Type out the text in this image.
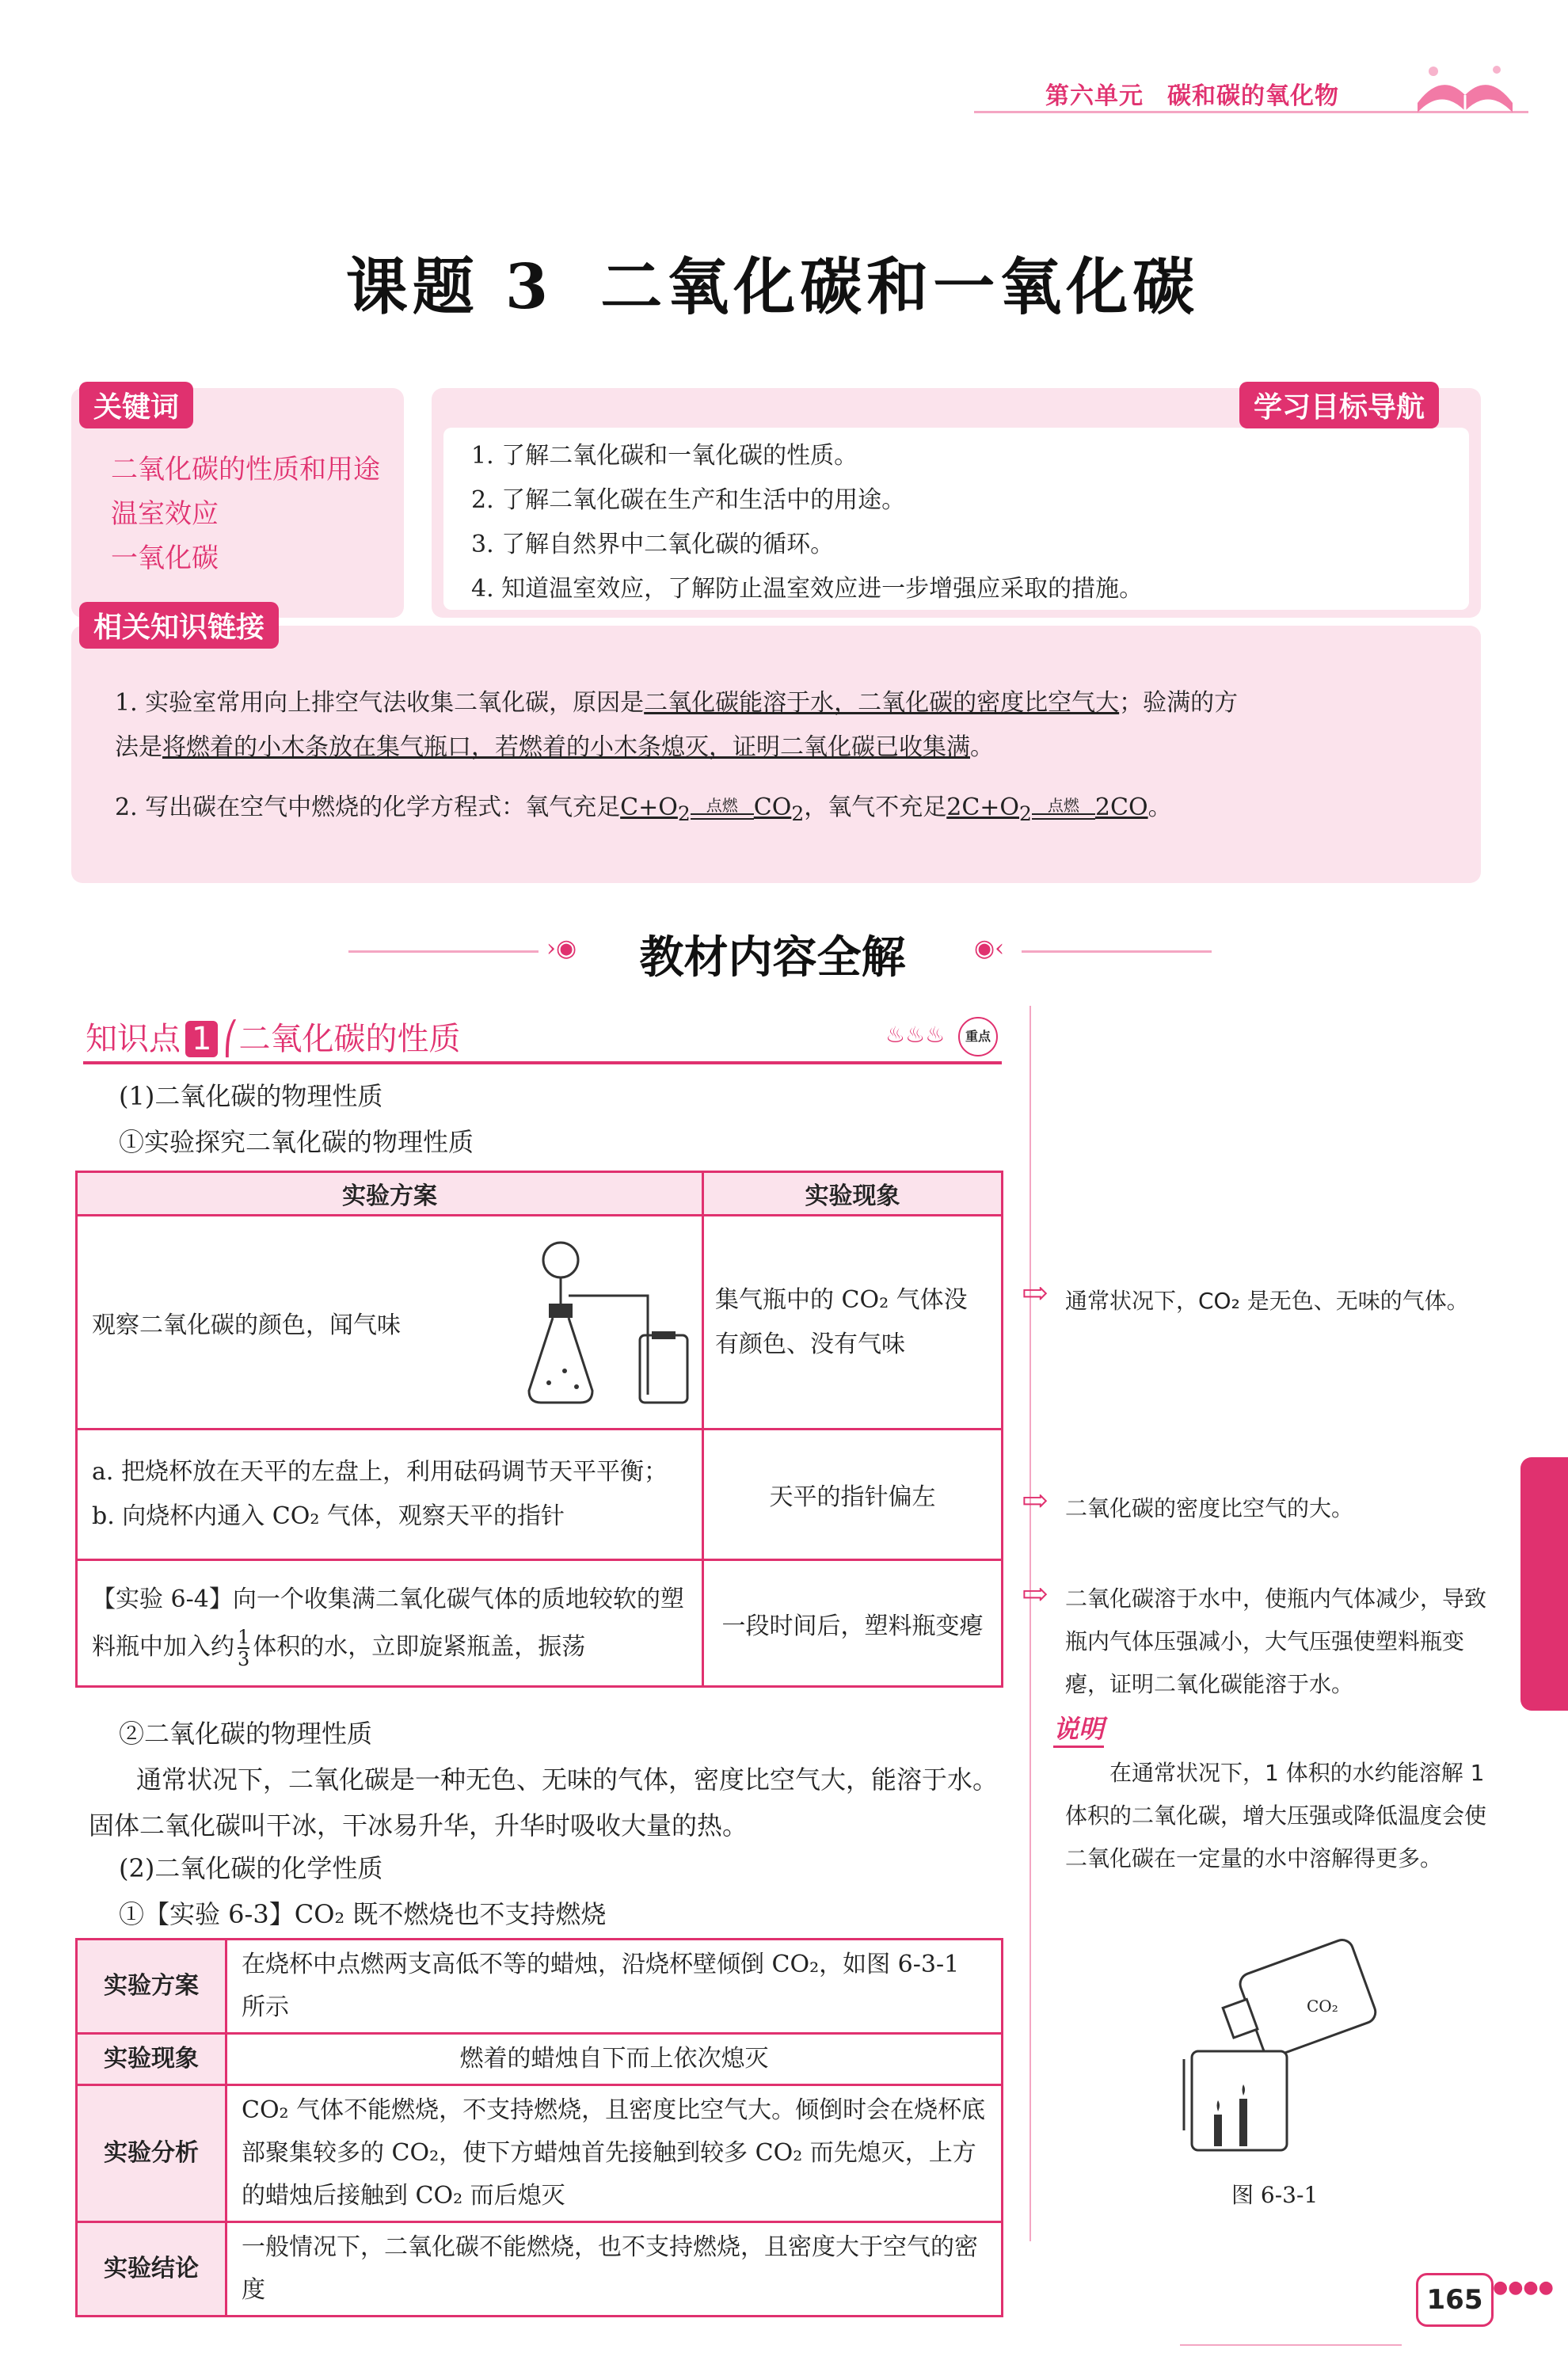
第六单元 碳和碳的氧化物
课题 3 二氧化碳和一氧化碳
关键词
二氧化碳的性质和用途
温室效应
一氧化碳
学习目标导航
1. 了解二氧化碳和一氧化碳的性质。
2. 了解二氧化碳在生产和生活中的用途。
3. 了解自然界中二氧化碳的循环。
4. 知道温室效应，了解防止温室效应进一步增强应采取的措施。
相关知识链接
1. 实验室常用向上排空气法收集二氧化碳，原因是二氧化碳能溶于水，二氧化碳的密度比空气大；验满的方
法是将燃着的小木条放在集气瓶口，若燃着的小木条熄灭，证明二氧化碳已收集满。
2. 写出碳在空气中燃烧的化学方程式：氧气充足$C+O_2$	点燃 $CO_2$，氧气不充足$2C+O_2$	点燃 2CO。
›◉	◉‹
教材内容全解
知识点 1 ⎛二氧化碳的性质	♨♨♨	重点
(1)二氧化碳的物理性质
①实验探究二氧化碳的物理性质
实验方案	实验现象
观察二氧化碳的颜色，闻气味	集气瓶中的 CO₂ 气体没有颜色、没有气味

a. 把烧杯放在天平的左盘上，利用砝码调节天平平衡；
b. 向烧杯内通入 CO₂ 气体，观察天平的指针	天平的指针偏左

【实验 6-4】向一个收集满二氧化碳气体的质地较软的塑
料瓶中加入约 $\frac{1}{3}$ 体积的水，立即旋紧瓶盖，振荡	一段时间后，塑料瓶变瘪
②二氧化碳的物理性质
通常状况下，二氧化碳是一种无色、无味的气体，密度比空气大，能溶于水。固体二氧化碳叫干冰，干冰易升华，升华时吸收大量的热。
(2)二氧化碳的化学性质
①【实验 6-3】CO₂ 既不燃烧也不支持燃烧
实验方案	在烧杯中点燃两支高低不等的蜡烛，沿烧杯壁倾倒 CO₂，如图 6-3-1 所示
实验现象	燃着的蜡烛自下而上依次熄灭
实验分析	CO₂ 气体不能燃烧，不支持燃烧，且密度比空气大。倾倒时会在烧杯底部聚集较多的 CO₂，使下方蜡烛首先接触到较多 CO₂ 而先熄灭，上方的蜡烛后接触到 CO₂ 而后熄灭
实验结论	一般情况下，二氧化碳不能燃烧，也不支持燃烧，且密度大于空气的密度
⇨ 通常状况下，CO₂ 是无色、无味的气体。
⇨ 二氧化碳的密度比空气的大。
⇨ 二氧化碳溶于水中，使瓶内气体减少，导致瓶内气体压强减小，大气压强使塑料瓶变瘪，证明二氧化碳能溶于水。
说明
在通常状况下，1 体积的水约能溶解 1 体积的二氧化碳，增大压强或降低温度会使二氧化碳在一定量的水中溶解得更多。
CO₂
图 6-3-1
165 ●●●●
